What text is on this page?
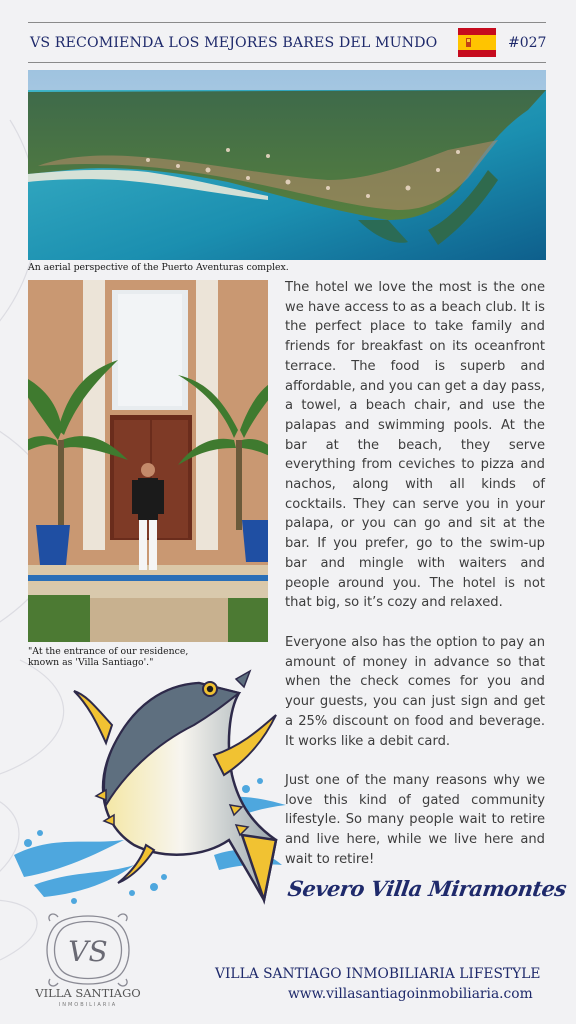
VS RECOMIENDA LOS MEJORES BARES DEL MUNDO	#027
An aerial perspective of the Puerto Aventuras complex.
"At the entrance of our residence,
known as 'Villa Santiago'."
The hotel we love the most is the one we have access to as a beach club. It is the perfect place to take family and friends for breakfast on its oceanfront terrace. The food is superb and affordable, and you can get a day pass, a towel, a beach chair, and use the palapas and swimming pools. At the bar at the beach, they serve everything from ceviches to pizza and nachos, along with all kinds of cocktails. They can serve you in your palapa, or you can go and sit at the bar. If you prefer, go to the swim-up bar and mingle with waiters and people around you. The hotel is not that big, so it’s cozy and relaxed.
Everyone also has the option to pay an amount of money in advance so that when the check comes for you and your guests, you can just sign and get a 25% discount on food and beverage. It works like a debit card.
Just one of the many reasons why we love this kind of gated community lifestyle. So many people wait to retire and live here, while we live here and wait to retire!
Severo Villa Miramontes
VS
VILLA SANTIAGO
INMOBILIARIA
VILLA SANTIAGO INMOBILIARIA LIFESTYLE
www.villasantiagoinmobiliaria.com
